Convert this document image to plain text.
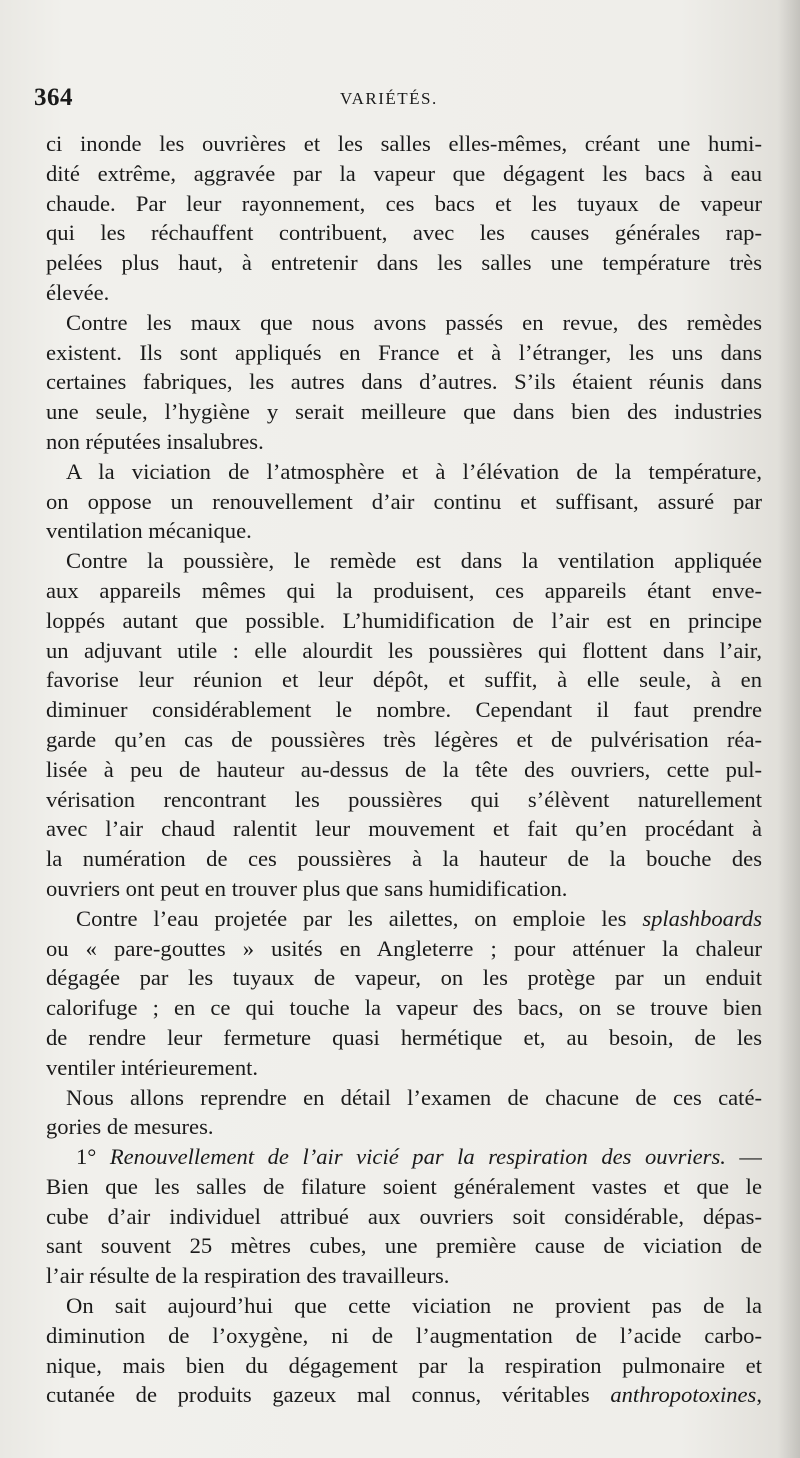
364	VARIÉTÉS.
ci inonde les ouvrières et les salles elles-mêmes, créant une humi-
dité extrême, aggravée par la vapeur que dégagent les bacs à eau
chaude. Par leur rayonnement, ces bacs et les tuyaux de vapeur
qui les réchauffent contribuent, avec les causes générales rap-
pelées plus haut, à entretenir dans les salles une température très
élevée.
Contre les maux que nous avons passés en revue, des remèdes
existent. Ils sont appliqués en France et à l’étranger, les uns dans
certaines fabriques, les autres dans d’autres. S’ils étaient réunis dans
une seule, l’hygiène y serait meilleure que dans bien des industries
non réputées insalubres.
A la viciation de l’atmosphère et à l’élévation de la température,
on oppose un renouvellement d’air continu et suffisant, assuré par
ventilation mécanique.
Contre la poussière, le remède est dans la ventilation appliquée
aux appareils mêmes qui la produisent, ces appareils étant enve-
loppés autant que possible. L’humidification de l’air est en principe
un adjuvant utile : elle alourdit les poussières qui flottent dans l’air,
favorise leur réunion et leur dépôt, et suffit, à elle seule, à en
diminuer considérablement le nombre. Cependant il faut prendre
garde qu’en cas de poussières très légères et de pulvérisation réa-
lisée à peu de hauteur au-dessus de la tête des ouvriers, cette pul-
vérisation rencontrant les poussières qui s’élèvent naturellement
avec l’air chaud ralentit leur mouvement et fait qu’en procédant à
la numération de ces poussières à la hauteur de la bouche des
ouvriers ont peut en trouver plus que sans humidification.
Contre l’eau projetée par les ailettes, on emploie les splashboards
ou « pare-gouttes » usités en Angleterre ; pour atténuer la chaleur
dégagée par les tuyaux de vapeur, on les protège par un enduit
calorifuge ; en ce qui touche la vapeur des bacs, on se trouve bien
de rendre leur fermeture quasi hermétique et, au besoin, de les
ventiler intérieurement.
Nous allons reprendre en détail l’examen de chacune de ces caté-
gories de mesures.
1° Renouvellement de l’air vicié par la respiration des ouvriers. —
Bien que les salles de filature soient généralement vastes et que le
cube d’air individuel attribué aux ouvriers soit considérable, dépas-
sant souvent 25 mètres cubes, une première cause de viciation de
l’air résulte de la respiration des travailleurs.
On sait aujourd’hui que cette viciation ne provient pas de la
diminution de l’oxygène, ni de l’augmentation de l’acide carbo-
nique, mais bien du dégagement par la respiration pulmonaire et
cutanée de produits gazeux mal connus, véritables anthropotoxines,
